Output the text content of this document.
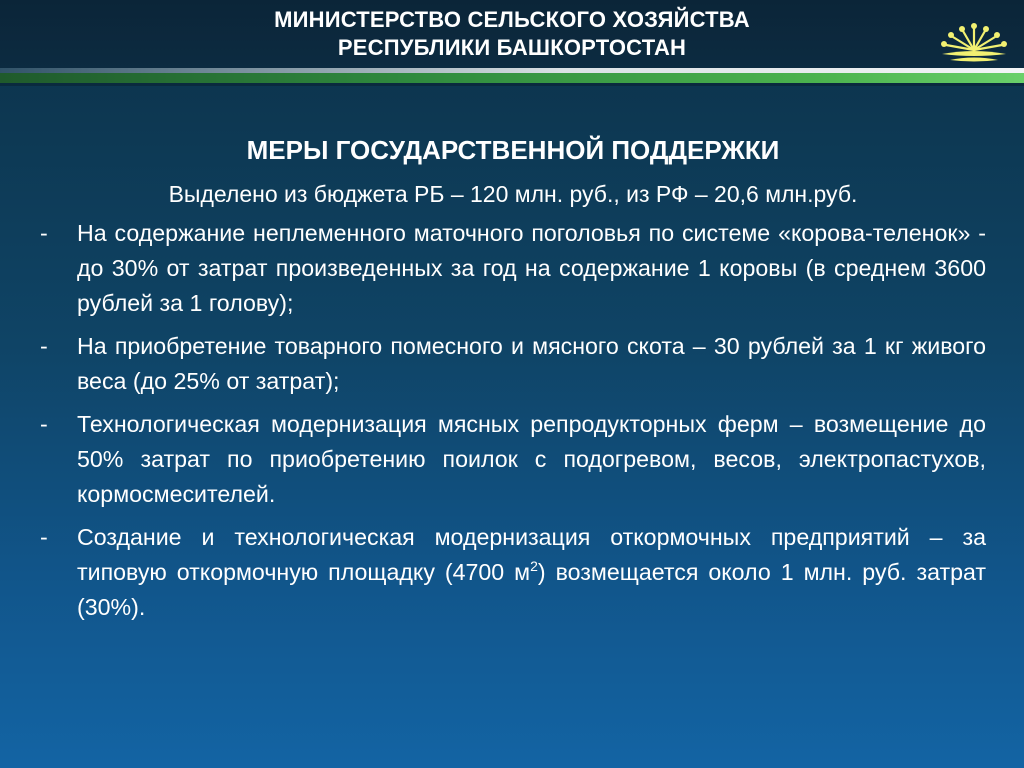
МИНИСТЕРСТВО СЕЛЬСКОГО ХОЗЯЙСТВА
РЕСПУБЛИКИ БАШКОРТОСТАН
МЕРЫ ГОСУДАРСТВЕННОЙ ПОДДЕРЖКИ

Выделено из бюджета РБ – 120 млн. руб., из РФ – 20,6 млн.руб.

-	На содержание неплеменного маточного поголовья по системе «корова-теленок» - до 30% от затрат произведенных за год на содержание 1 коровы (в среднем 3600 рублей за 1 голову);
-	На приобретение товарного помесного и мясного скота – 30 рублей за 1 кг живого веса (до 25% от затрат);
-	Технологическая модернизация мясных репродукторных ферм – возмещение до 50% затрат по приобретению поилок с подогревом, весов, электропастухов, кормосмесителей.
-	Создание и технологическая модернизация откормочных предприятий – за типовую откормочную площадку (4700 $м^2$) возмещается около 1 млн. руб. затрат (30%).
